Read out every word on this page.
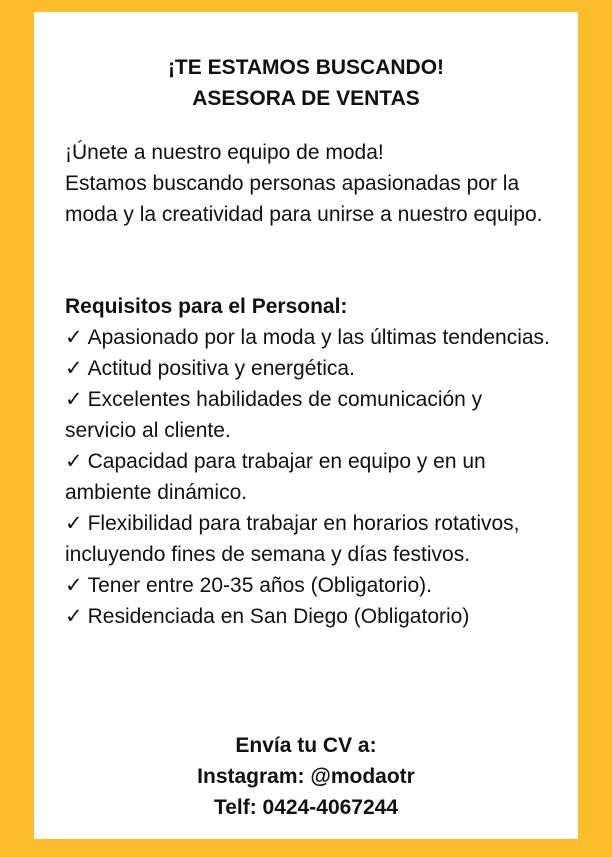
¡TE ESTAMOS BUSCANDO!
ASESORA DE VENTAS
¡Únete a nuestro equipo de moda!
Estamos buscando personas apasionadas por la moda y la creatividad para unirse a nuestro equipo.
Requisitos para el Personal:
✓ Apasionado por la moda y las últimas tendencias.
✓ Actitud positiva y energética.
✓ Excelentes habilidades de comunicación y servicio al cliente.
✓ Capacidad para trabajar en equipo y en un ambiente dinámico.
✓ Flexibilidad para trabajar en horarios rotativos, incluyendo fines de semana y días festivos.
✓ Tener entre 20-35 años (Obligatorio).
✓ Residenciada en San Diego (Obligatorio)
Envía tu CV a:
Instagram: @modaotr
Telf: 0424-4067244
